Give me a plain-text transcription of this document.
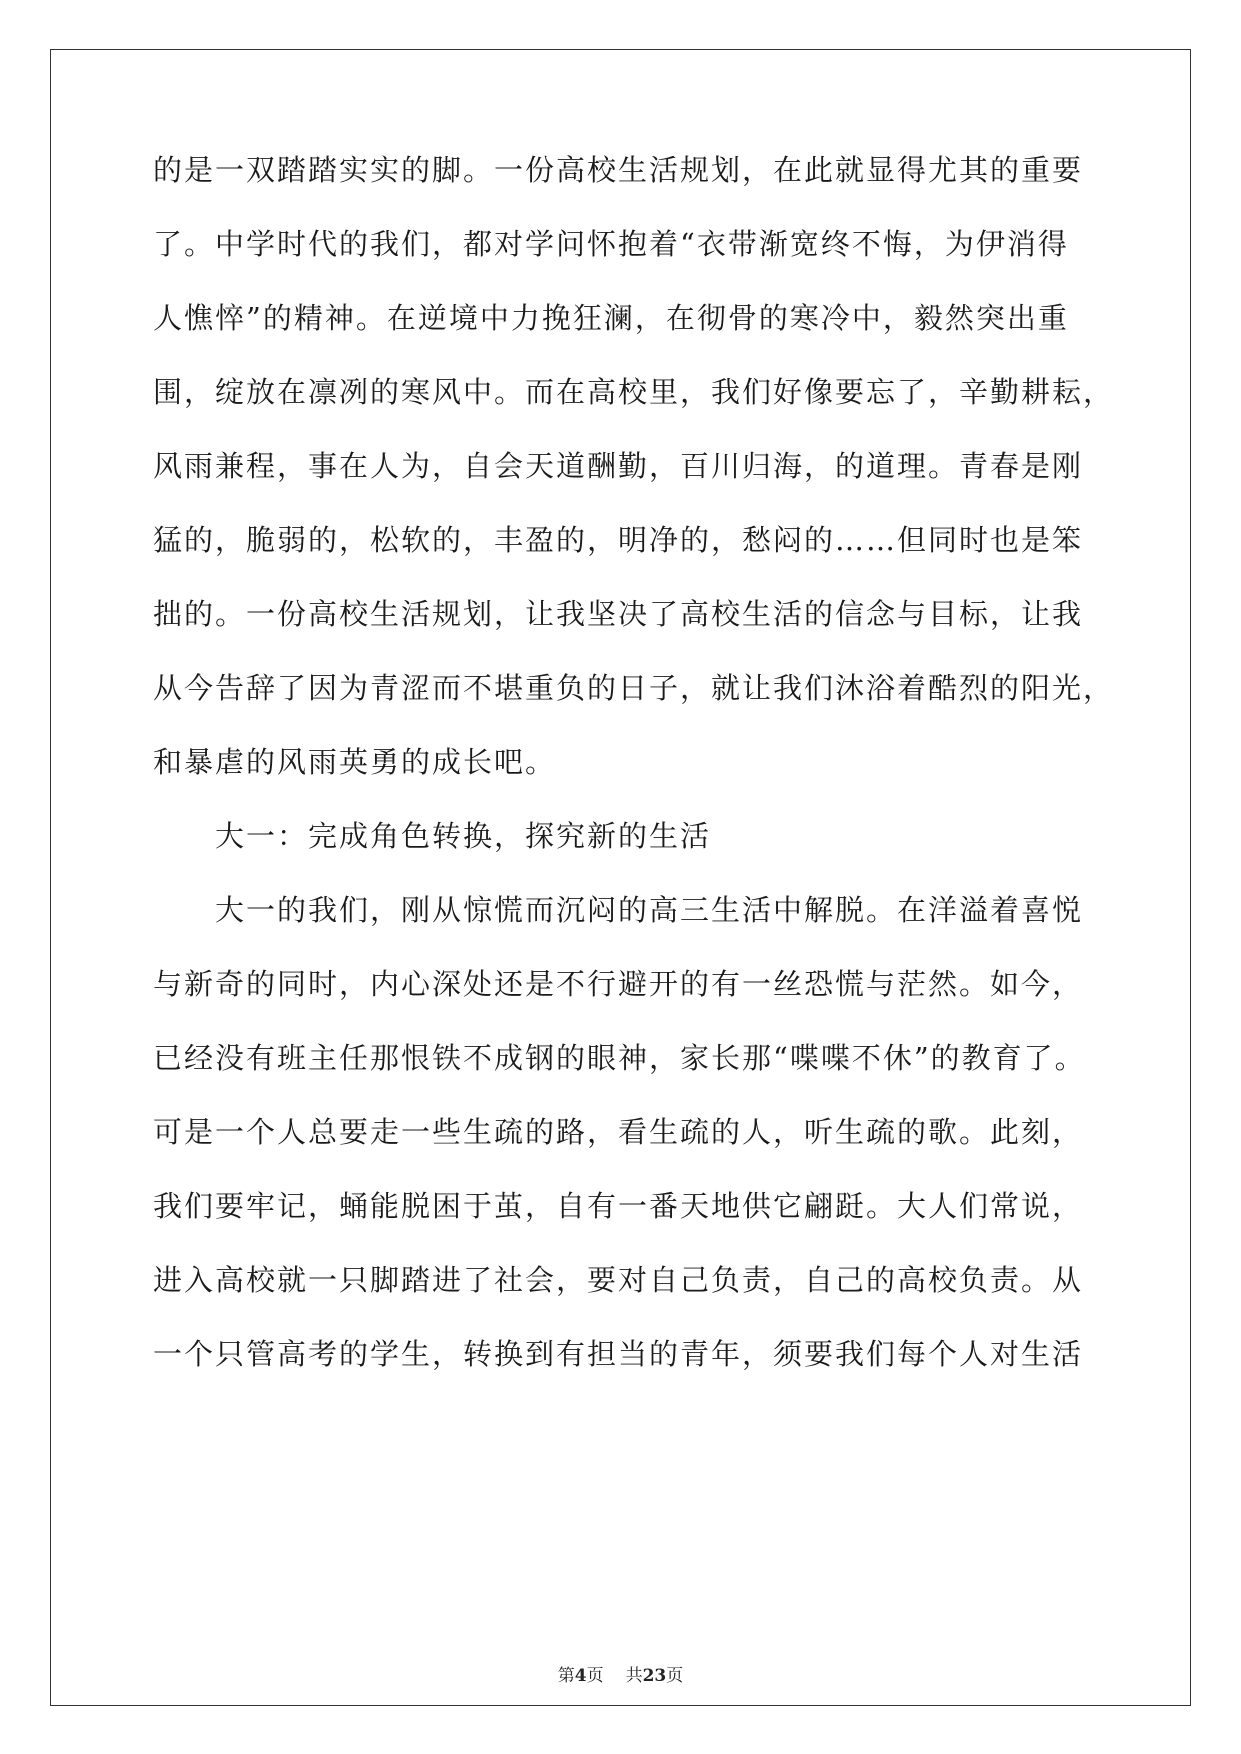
的是一双踏踏实实的脚。一份高校生活规划，在此就显得尤其的重要
了。中学时代的我们，都对学问怀抱着“衣带渐宽终不悔，为伊消得
人憔悴”的精神。在逆境中力挽狂澜，在彻骨的寒冷中，毅然突出重
围，绽放在凛冽的寒风中。而在高校里，我们好像要忘了，辛勤耕耘，
风雨兼程，事在人为，自会天道酬勤，百川归海，的道理。青春是刚
猛的，脆弱的，松软的，丰盈的，明净的，愁闷的……但同时也是笨
拙的。一份高校生活规划，让我坚决了高校生活的信念与目标，让我
从今告辞了因为青涩而不堪重负的日子，就让我们沐浴着酷烈的阳光，
和暴虐的风雨英勇的成长吧。
大一：完成角色转换，探究新的生活
大一的我们，刚从惊慌而沉闷的高三生活中解脱。在洋溢着喜悦
与新奇的同时，内心深处还是不行避开的有一丝恐慌与茫然。如今，
已经没有班主任那恨铁不成钢的眼神，家长那“喋喋不休”的教育了。
可是一个人总要走一些生疏的路，看生疏的人，听生疏的歌。此刻，
我们要牢记，蛹能脱困于茧，自有一番天地供它翩跹。大人们常说，
进入高校就一只脚踏进了社会，要对自己负责，自己的高校负责。从
一个只管高考的学生，转换到有担当的青年，须要我们每个人对生活
第4页 共23页
